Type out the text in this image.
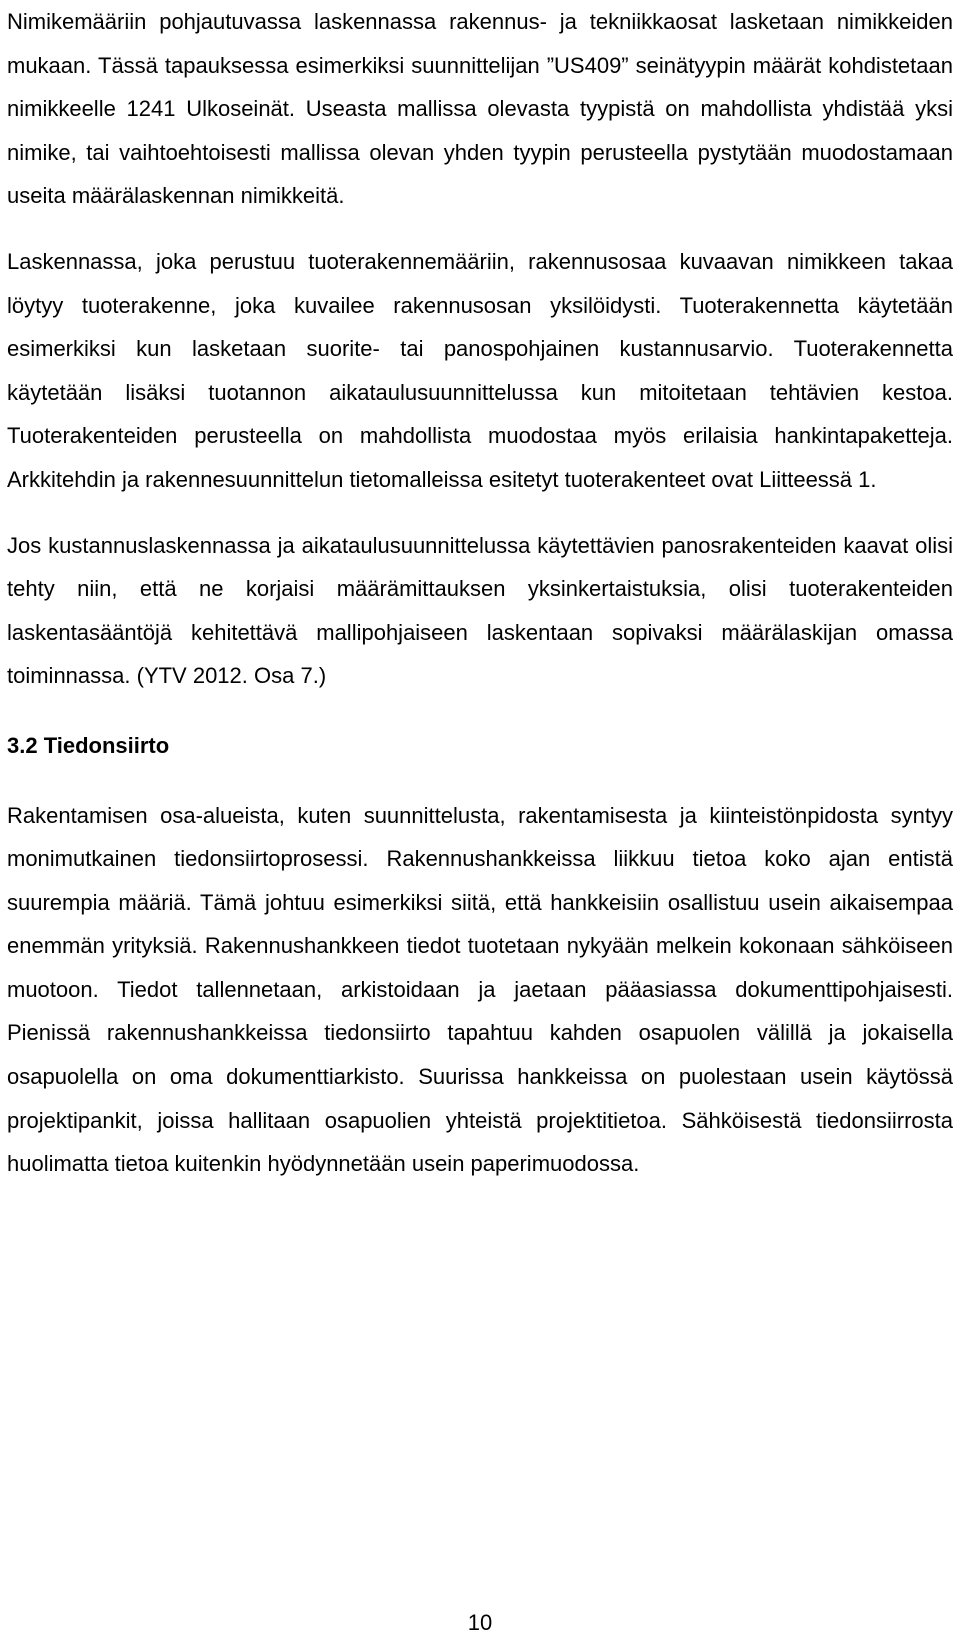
Nimikemääriin pohjautuvassa laskennassa rakennus- ja tekniikkaosat lasketaan nimikkeiden mukaan. Tässä tapauksessa esimerkiksi suunnittelijan ”US409” seinätyypin määrät kohdistetaan nimikkeelle 1241 Ulkoseinät. Useasta mallissa olevasta tyypistä on mahdollista yhdistää yksi nimike, tai vaihtoehtoisesti mallissa olevan yhden tyypin perusteella pystytään muodostamaan useita määrälaskennan nimikkeitä.

Laskennassa, joka perustuu tuoterakennemääriin, rakennusosaa kuvaavan nimikkeen takaa löytyy tuoterakenne, joka kuvailee rakennusosan yksilöidysti. Tuoterakennetta käytetään esimerkiksi kun lasketaan suorite- tai panospohjainen kustannusarvio. Tuoterakennetta käytetään lisäksi tuotannon aikataulusuunnittelussa kun mitoitetaan tehtävien kestoa. Tuoterakenteiden perusteella on mahdollista muodostaa myös erilaisia hankintapaketteja. Arkkitehdin ja rakennesuunnittelun tietomalleissa esitetyt tuoterakenteet ovat Liitteessä 1.

Jos kustannuslaskennassa ja aikataulusuunnittelussa käytettävien panosrakenteiden kaavat olisi tehty niin, että ne korjaisi määrämittauksen yksinkertaistuksia, olisi tuoterakenteiden laskentasääntöjä kehitettävä mallipohjaiseen laskentaan sopivaksi määrälaskijan omassa toiminnassa. (YTV 2012. Osa 7.)

3.2 Tiedonsiirto

Rakentamisen osa-alueista, kuten suunnittelusta, rakentamisesta ja kiinteistönpidosta syntyy monimutkainen tiedonsiirtoprosessi. Rakennushankkeissa liikkuu tietoa koko ajan entistä suurempia määriä. Tämä johtuu esimerkiksi siitä, että hankkeisiin osallistuu usein aikaisempaa enemmän yrityksiä. Rakennushankkeen tiedot tuotetaan nykyään melkein kokonaan sähköiseen muotoon. Tiedot tallennetaan, arkistoidaan ja jaetaan pääasiassa dokumenttipohjaisesti. Pienissä rakennushankkeissa tiedonsiirto tapahtuu kahden osapuolen välillä ja jokaisella osapuolella on oma dokumenttiarkisto. Suurissa hankkeissa on puolestaan usein käytössä projektipankit, joissa hallitaan osapuolien yhteistä projektitietoa. Sähköisestä tiedonsiirrosta huolimatta tietoa kuitenkin hyödynnetään usein paperimuodossa.

10
